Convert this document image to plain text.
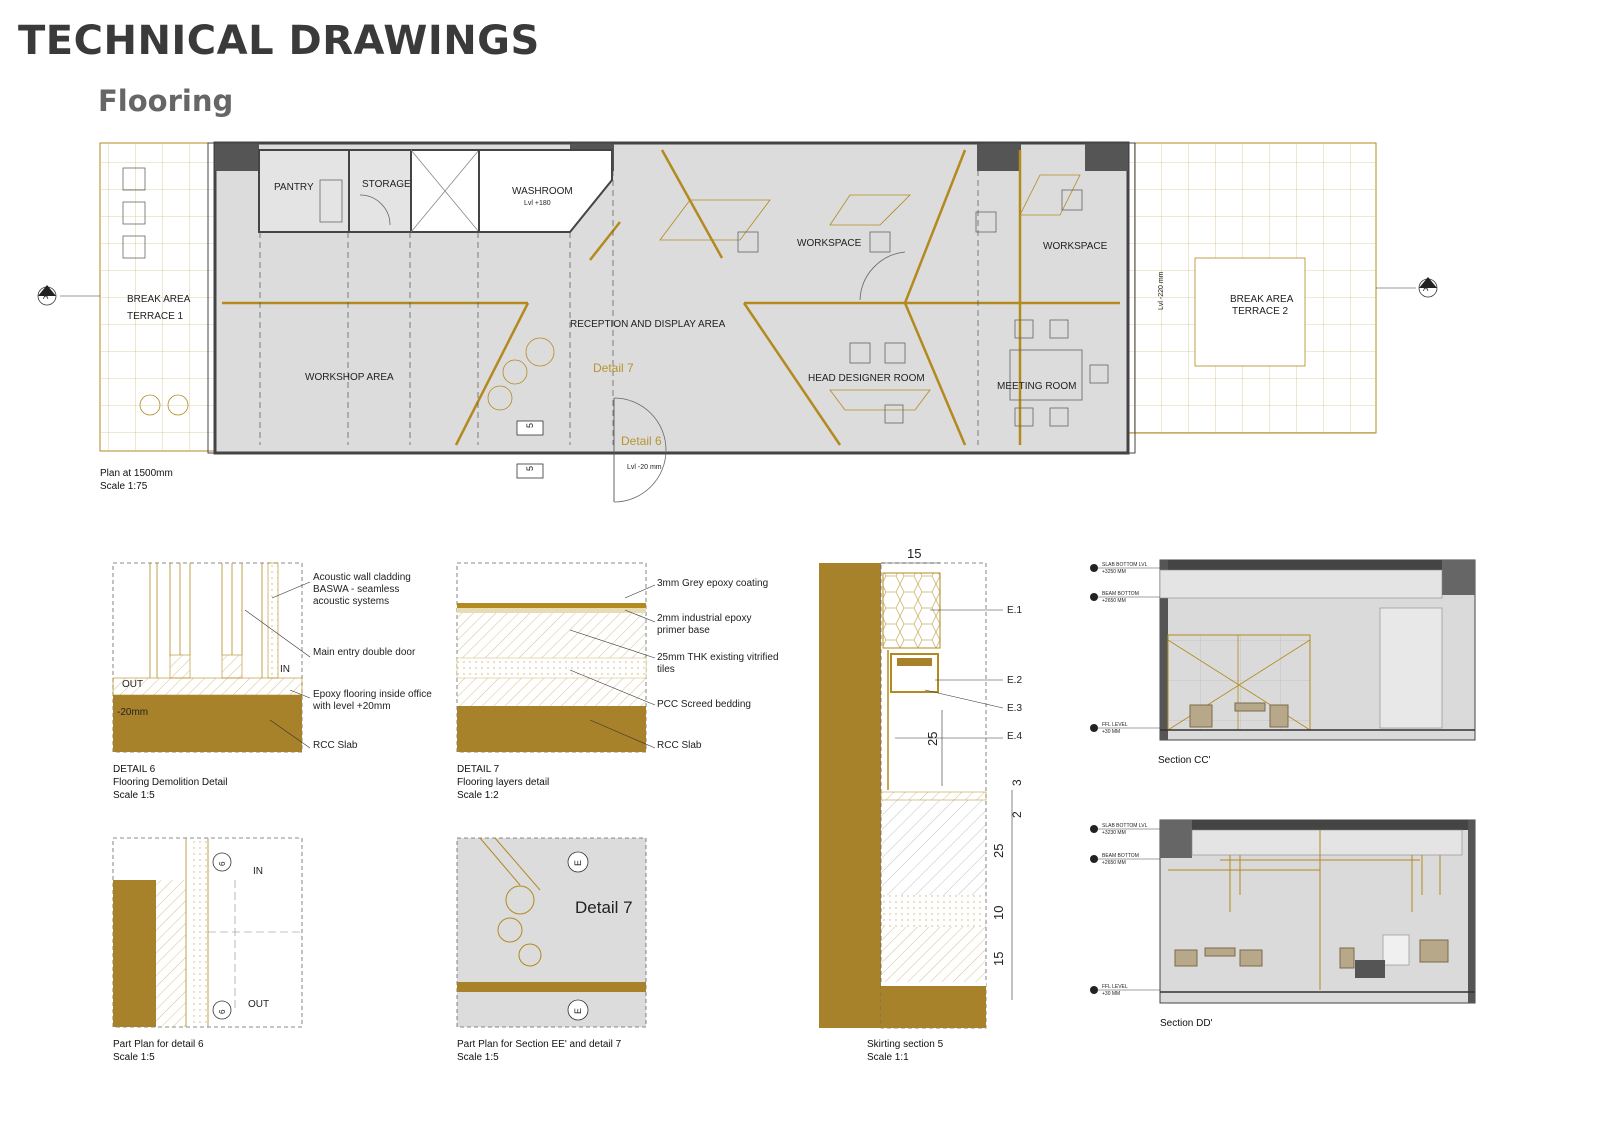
TECHNICAL DRAWINGS
Flooring
PANTRY	STORAGE
WASHROOM
Lvl +180
WORKSPACE	WORKSPACE
BREAK AREA
TERRACE 1
BREAK AREA
TERRACE 2
RECEPTION AND DISPLAY AREA
WORKSHOP AREA	HEAD DESIGNER ROOM
MEETING ROOM
Detail 7
Detail 6
Lvl -20 mm
Lvl -220 mm
5
5
A
A'
Plan at 1500mm
Scale 1:75
Acoustic wall cladding
BASWA - seamless
acoustic systems
Main entry double door
Epoxy flooring inside office
with level +20mm
RCC Slab
OUT
IN
-20mm
DETAIL 6
Flooring Demolition Detail
Scale 1:5
3mm Grey epoxy coating
2mm industrial epoxy
primer base
25mm THK existing vitrified
tiles
PCC Screed bedding
RCC Slab
DETAIL 7
Flooring layers detail
Scale 1:2
15
25
3
2
25
10
15
E.1
E.2
E.3
E.4
Skirting section 5
Scale 1:1
6
6
IN
OUT
Part Plan for detail 6
Scale 1:5
E
E
Detail 7
Part Plan for Section EE' and detail 7
Scale 1:5
SLAB BOTTOM LVL
+3250 MM
BEAM BOTTOM
+2650 MM
FFL LEVEL
+30 MM
Section CC'
SLAB BOTTOM LVL
+3230 MM
BEAM BOTTOM
+2650 MM
FFL LEVEL
+30 MM
Section DD'
